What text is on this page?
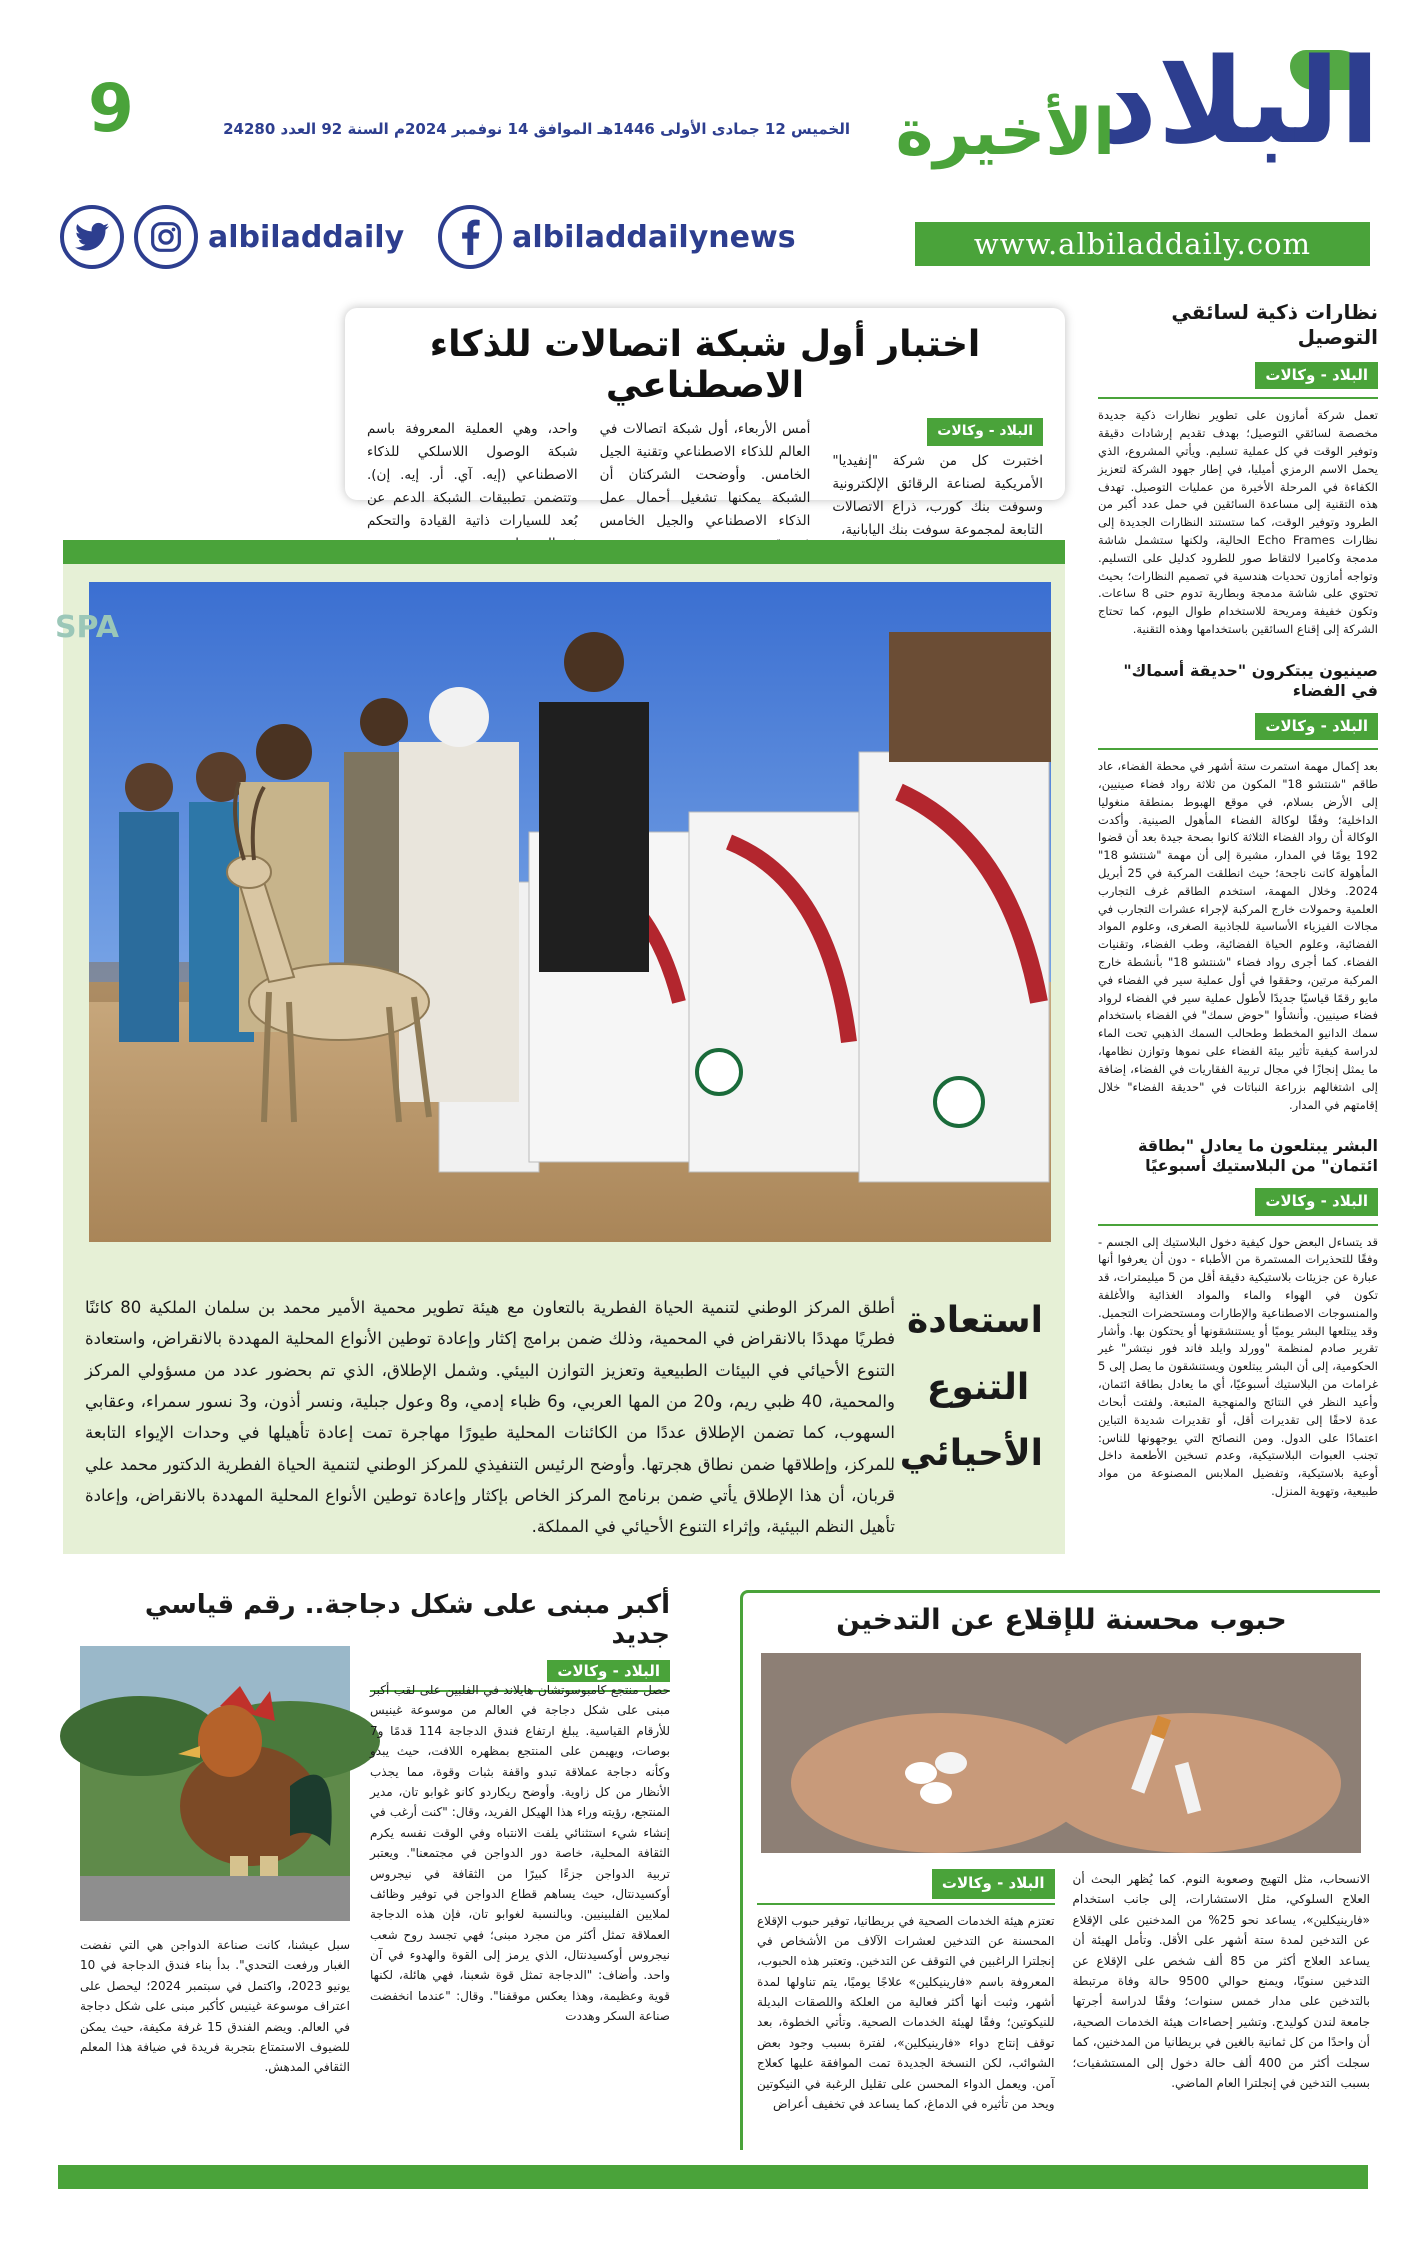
البلاد
الأخيرة
9	الخميس 12 جمادى الأولى 1446هـ الموافق 14 نوفمبر 2024م السنة 92 العدد 24280
www.albiladdaily.com
albiladdaily	albiladdailynews
نظارات ذكية لسائقي التوصيل
البلاد - وكالات
تعمل شركة أمازون على تطوير نظارات ذكية جديدة مخصصة لسائقي التوصيل؛ بهدف تقديم إرشادات دقيقة وتوفير الوقت في كل عملية تسليم. ويأتي المشروع، الذي يحمل الاسم الرمزي أميليا، في إطار جهود الشركة لتعزيز الكفاءة في المرحلة الأخيرة من عمليات التوصيل. تهدف هذه التقنية إلى مساعدة السائقين في حمل عدد أكبر من الطرود وتوفير الوقت، كما ستستند النظارات الجديدة إلى نظارات Echo Frames الحالية، ولكنها ستشمل شاشة مدمجة وكاميرا لالتقاط صور للطرود كدليل على التسليم. وتواجه أمازون تحديات هندسية في تصميم النظارات؛ بحيث تحتوي على شاشة مدمجة وبطارية تدوم حتى 8 ساعات. وتكون خفيفة ومريحة للاستخدام طوال اليوم، كما تحتاج الشركة إلى إقناع السائقين باستخدامها وهذه التقنية.
صينيون يبتكرون "حديقة أسماك" في الفضاء
البلاد - وكالات
بعد إكمال مهمة استمرت ستة أشهر في محطة الفضاء، عاد طاقم "شنتشو 18" المكون من ثلاثة رواد فضاء صينيين، إلى الأرض بسلام، في موقع الهبوط بمنطقة منغوليا الداخلية؛ وفقًا لوكالة الفضاء المأهول الصينية. وأكدت الوكالة أن رواد الفضاء الثلاثة كانوا بصحة جيدة بعد أن قضوا 192 يومًا في المدار، مشيرة إلى أن مهمة "شنتشو 18" المأهولة كانت ناجحة؛ حيث انطلقت المركبة في 25 أبريل 2024. وخلال المهمة، استخدم الطاقم غرف التجارب العلمية وحمولات خارج المركبة لإجراء عشرات التجارب في مجالات الفيزياء الأساسية للجاذبية الصغرى، وعلوم المواد الفضائية، وعلوم الحياة الفضائية، وطب الفضاء، وتقنيات الفضاء. كما أجرى رواد فضاء "شنتشو 18" بأنشطة خارج المركبة مرتين، وحققوا في أول عملية سير في الفضاء في مايو رقمًا قياسيًا جديدًا لأطول عملية سير في الفضاء لرواد فضاء صينيين. وأنشأوا "حوض سمك" في الفضاء باستخدام سمك الدانيو المخطط وطحالب السمك الذهبي تحت الماء لدراسة كيفية تأثير بيئة الفضاء على نموها وتوازن نظامها، ما يمثل إنجازًا في مجال تربية الفقاريات في الفضاء، إضافة إلى اشتغالهم بزراعة النباتات في "حديقة الفضاء" خلال إقامتهم في المدار.
البشر يبتلعون ما يعادل "بطاقة ائتمان" من البلاستيك أسبوعيًا
البلاد - وكالات
قد يتساءل البعض حول كيفية دخول البلاستيك إلى الجسم - وفقًا للتحذيرات المستمرة من الأطباء - دون أن يعرفوا أنها عبارة عن جزيئات بلاستيكية دقيقة أقل من 5 ميليمترات، قد تكون في الهواء والماء والمواد الغذائية والأغلفة والمنسوجات الاصطناعية والإطارات ومستحضرات التجميل. وقد يبتلعها البشر يوميًا أو يستنشقونها أو يحتكون بها. وأشار تقرير صادم لمنظمة "وورلد وايلد فاند فور نيتشر" غير الحكومية، إلى أن البشر يبتلعون ويستنشقون ما يصل إلى 5 غرامات من البلاستيك أسبوعيًا، أي ما يعادل بطاقة ائتمان، وأعيد النظر في النتائج والمنهجية المتبعة. ولفتت أبحاث عدة لاحقًا إلى تقديرات أقل، أو تقديرات شديدة التباين اعتمادًا على الدول. ومن النصائح التي يوجهونها للناس: تجنب العبوات البلاستيكية، وعدم تسخين الأطعمة داخل أوعية بلاستيكية، وتفضيل الملابس المصنوعة من مواد طبيعية، وتهوية المنزل.
اختبار أول شبكة اتصالات للذكاء الاصطناعي
البلاد - وكالات
اختبرت كل من شركة "إنفيديا" الأمريكية لصناعة الرقائق الإلكترونية وسوفت بنك كورب، ذراع الاتصالات التابعة لمجموعة سوفت بنك اليابانية،
أمس الأربعاء، أول شبكة اتصالات في العالم للذكاء الاصطناعي وتقنية الجيل الخامس. وأوضحت الشركتان أن الشبكة يمكنها تشغيل أحمال عمل الذكاء الاصطناعي والجيل الخامس
واحد، وهي العملية المعروفة باسم شبكة الوصول اللاسلكي للذكاء الاصطناعي (إيه. آي. أر. إيه. إن). وتتضمن تطبيقات الشبكة الدعم عن بُعد للسيارات ذاتية القيادة والتحكم
SPA
استعادة التنوع الأحيائي
أطلق المركز الوطني لتنمية الحياة الفطرية بالتعاون مع هيئة تطوير محمية الأمير محمد بن سلمان الملكية 80 كائنًا فطريًا مهددًا بالانقراض في المحمية، وذلك ضمن برامج إكثار وإعادة توطين الأنواع المحلية المهددة بالانقراض، واستعادة التنوع الأحيائي في البيئات الطبيعية وتعزيز التوازن البيئي. وشمل الإطلاق، الذي تم بحضور عدد من مسؤولي المركز والمحمية، 40 ظبي ريم، و20 من المها العربي، و6 ظباء إدمي، و8 وعول جبلية، ونسر أذون، و3 نسور سمراء، وعقابي السهوب، كما تضمن الإطلاق عددًا من الكائنات المحلية طيورًا مهاجرة تمت إعادة تأهيلها في وحدات الإيواء التابعة للمركز، وإطلاقها ضمن نطاق هجرتها. وأوضح الرئيس التنفيذي للمركز الوطني لتنمية الحياة الفطرية الدكتور محمد علي قربان، أن هذا الإطلاق يأتي ضمن برنامج المركز الخاص بإكثار وإعادة توطين الأنواع المحلية المهددة بالانقراض، وإعادة تأهيل النظم البيئية، وإثراء التنوع الأحيائي في المملكة.
أكبر مبنى على شكل دجاجة.. رقم قياسي جديد
البلاد - وكالات
حصل منتجع كامبوسوتشان هايلاند في الفلبين على لقب أكبر مبنى على شكل دجاجة في العالم من موسوعة غينيس للأرقام القياسية. يبلغ ارتفاع فندق الدجاجة 114 قدمًا و7 بوصات، ويهيمن على المنتجع بمظهره اللافت، حيث يبدو وكأنه دجاجة عملاقة تبدو واقفة بثبات وقوة، مما يجذب الأنظار من كل زاوية. وأوضح ريكاردو كانو غوابو تان، مدير المنتجع، رؤيته وراء هذا الهيكل الفريد، وقال: "كنت أرغب في إنشاء شيء استثنائي يلفت الانتباه وفي الوقت نفسه يكرم الثقافة المحلية، خاصة دور الدواجن في مجتمعنا". ويعتبر تربية الدواجن جزءًا كبيرًا من الثقافة في نيجروس أوكسيدنتال، حيث يساهم قطاع الدواجن في توفير وظائف لملايين الفلبينيين. وبالنسبة لغوابو تان، فإن هذه الدجاجة العملاقة تمثل أكثر من مجرد مبنى؛ فهي تجسد روح شعب نيجروس أوكسيدنتال، الذي يرمز إلى القوة والهدوء في آن واحد. وأضاف: "الدجاجة تمثل قوة شعبنا، فهي هائلة، لكنها قوية وعظيمة، وهذا يعكس موقفنا". وقال: "عندما انخفضت صناعة السكر وهددت
سبل عيشنا، كانت صناعة الدواجن هي التي نفضت الغبار ورفعت التحدي". بدأ بناء فندق الدجاجة في 10 يونيو 2023، واكتمل في سبتمبر 2024؛ ليحصل على اعتراف موسوعة غينيس كأكبر مبنى على شكل دجاجة في العالم. ويضم الفندق 15 غرفة مكيفة، حيث يمكن للضيوف الاستمتاع بتجربة فريدة في ضيافة هذا المعلم الثقافي المدهش.
حبوب محسنة للإقلاع عن التدخين
الانسحاب، مثل التهيج وصعوبة النوم. كما يُظهر البحث أن العلاج السلوكي، مثل الاستشارات، إلى جانب استخدام «فارينيكلين»، يساعد نحو 25% من المدخنين على الإقلاع عن التدخين لمدة ستة أشهر على الأقل. وتأمل الهيئة أن يساعد العلاج أكثر من 85 ألف شخص على الإقلاع عن التدخين سنويًا، ويمنع حوالي 9500 حالة وفاة مرتبطة بالتدخين على مدار خمس سنوات؛ وفقًا لدراسة أجرتها جامعة لندن كوليدج. وتشير إحصاءات هيئة الخدمات الصحية، أن واحدًا من كل ثمانية بالغين في بريطانيا من المدخنين، كما سجلت أكثر من 400 ألف حالة دخول إلى المستشفيات؛ بسبب التدخين في إنجلترا العام الماضي.
البلاد - وكالات
تعتزم هيئة الخدمات الصحية في بريطانيا، توفير حبوب الإقلاع المحسنة عن التدخين لعشرات الآلاف من الأشخاص في إنجلترا الراغبين في التوقف عن التدخين. وتعتبر هذه الحبوب، المعروفة باسم «فارينيكلين» علاجًا يوميًا، يتم تناولها لمدة أشهر، وثبت أنها أكثر فعالية من العلكة واللصقات البديلة للنيكوتين؛ وفقًا لهيئة الخدمات الصحية. وتأتي الخطوة، بعد توقف إنتاج دواء «فارينيكلين»، لفترة بسبب وجود بعض الشوائب، لكن النسخة الجديدة تمت الموافقة عليها كعلاج آمن. ويعمل الدواء المحسن على تقليل الرغبة في النيكوتين ويحد من تأثيره في الدماغ، كما يساعد في تخفيف أعراض
